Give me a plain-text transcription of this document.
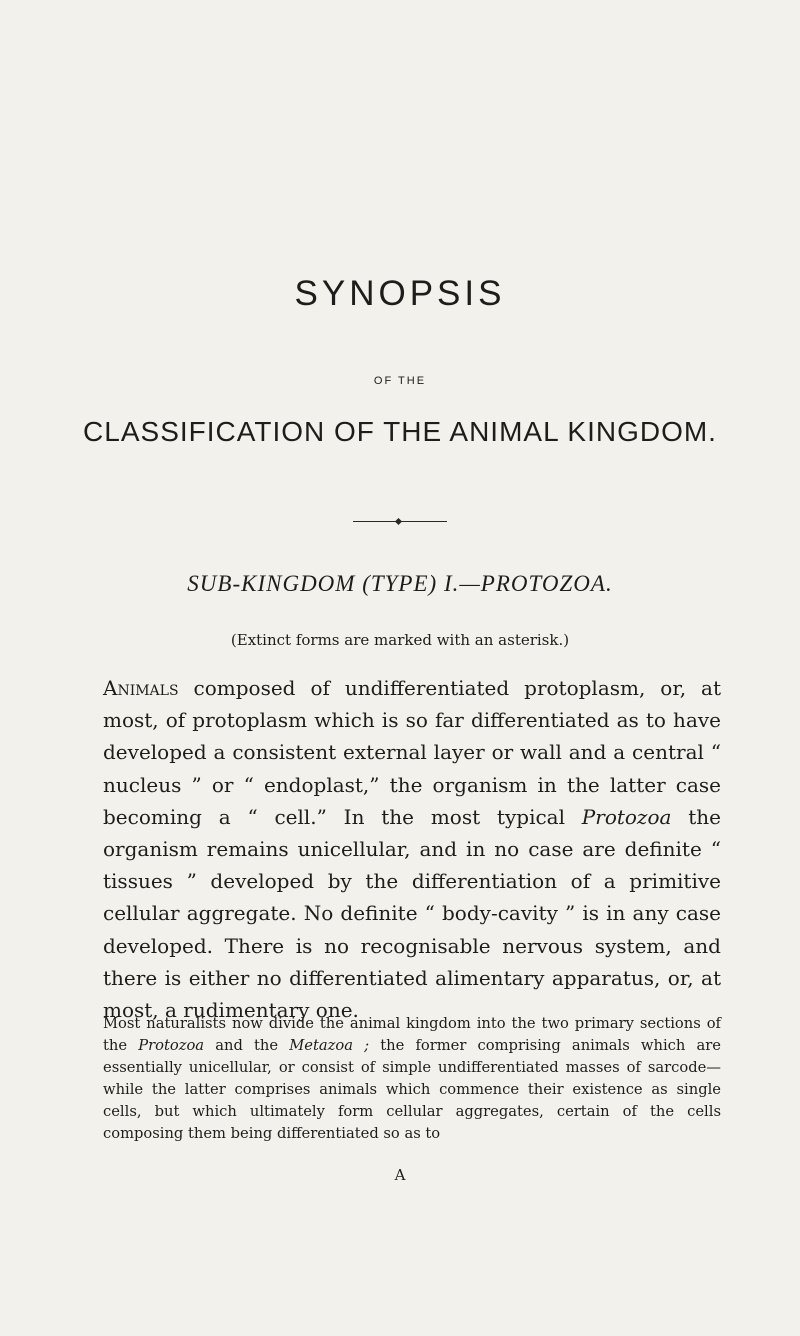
SYNOPSIS
OF THE
CLASSIFICATION OF THE ANIMAL KINGDOM.
SUB-KINGDOM (TYPE) I.—PROTOZOA.
(Extinct forms are marked with an asterisk.)

Animals composed of undifferentiated protoplasm, or, at most, of protoplasm which is so far differentiated as to have developed a consistent external layer or wall and a central “ nucleus ” or “ endoplast,” the organism in the latter case becoming a “ cell.” In the most typical Protozoa the organism remains unicellular, and in no case are definite “ tissues ” developed by the differentiation of a primitive cellular aggregate. No definite “ body-cavity ” is in any case developed. There is no recognisable nervous system, and there is either no differentiated alimentary apparatus, or, at most, a rudimentary one.

Most naturalists now divide the animal kingdom into the two primary sections of the Protozoa and the Metazoa ; the former comprising animals which are essentially unicellular, or consist of simple undifferentiated masses of sarcode—while the latter comprises animals which commence their existence as single cells, but which ultimately form cellular aggregates, certain of the cells composing them being differentiated so as to

A
